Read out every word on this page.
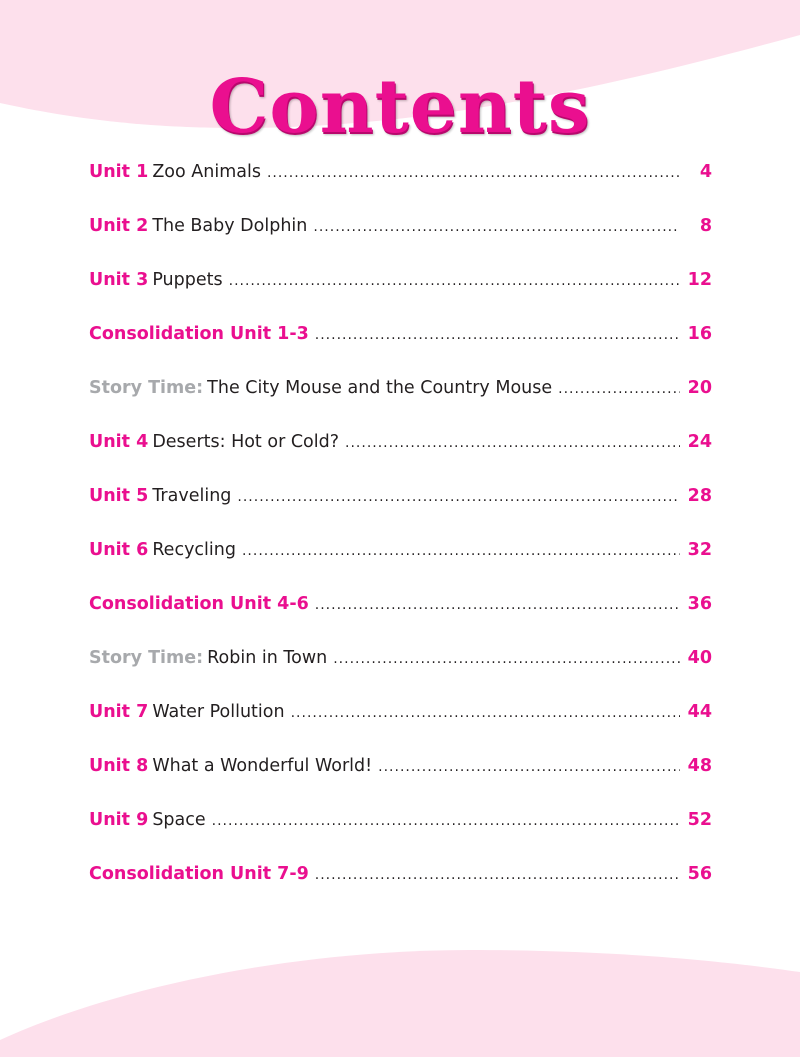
Contents
Unit 1 Zoo Animals .....	4
Unit 2 The Baby Dolphin .....	8
Unit 3 Puppets .....	12
Consolidation Unit 1-3 .....	16
Story Time: The City Mouse and the Country Mouse .....	20
Unit 4 Deserts: Hot or Cold? .....	24
Unit 5 Traveling .....	28
Unit 6 Recycling .....	32
Consolidation Unit 4-6 .....	36
Story Time: Robin in Town .....	40
Unit 7 Water Pollution .....	44
Unit 8 What a Wonderful World! .....	48
Unit 9 Space .....	52
Consolidation Unit 7-9 .....	56
